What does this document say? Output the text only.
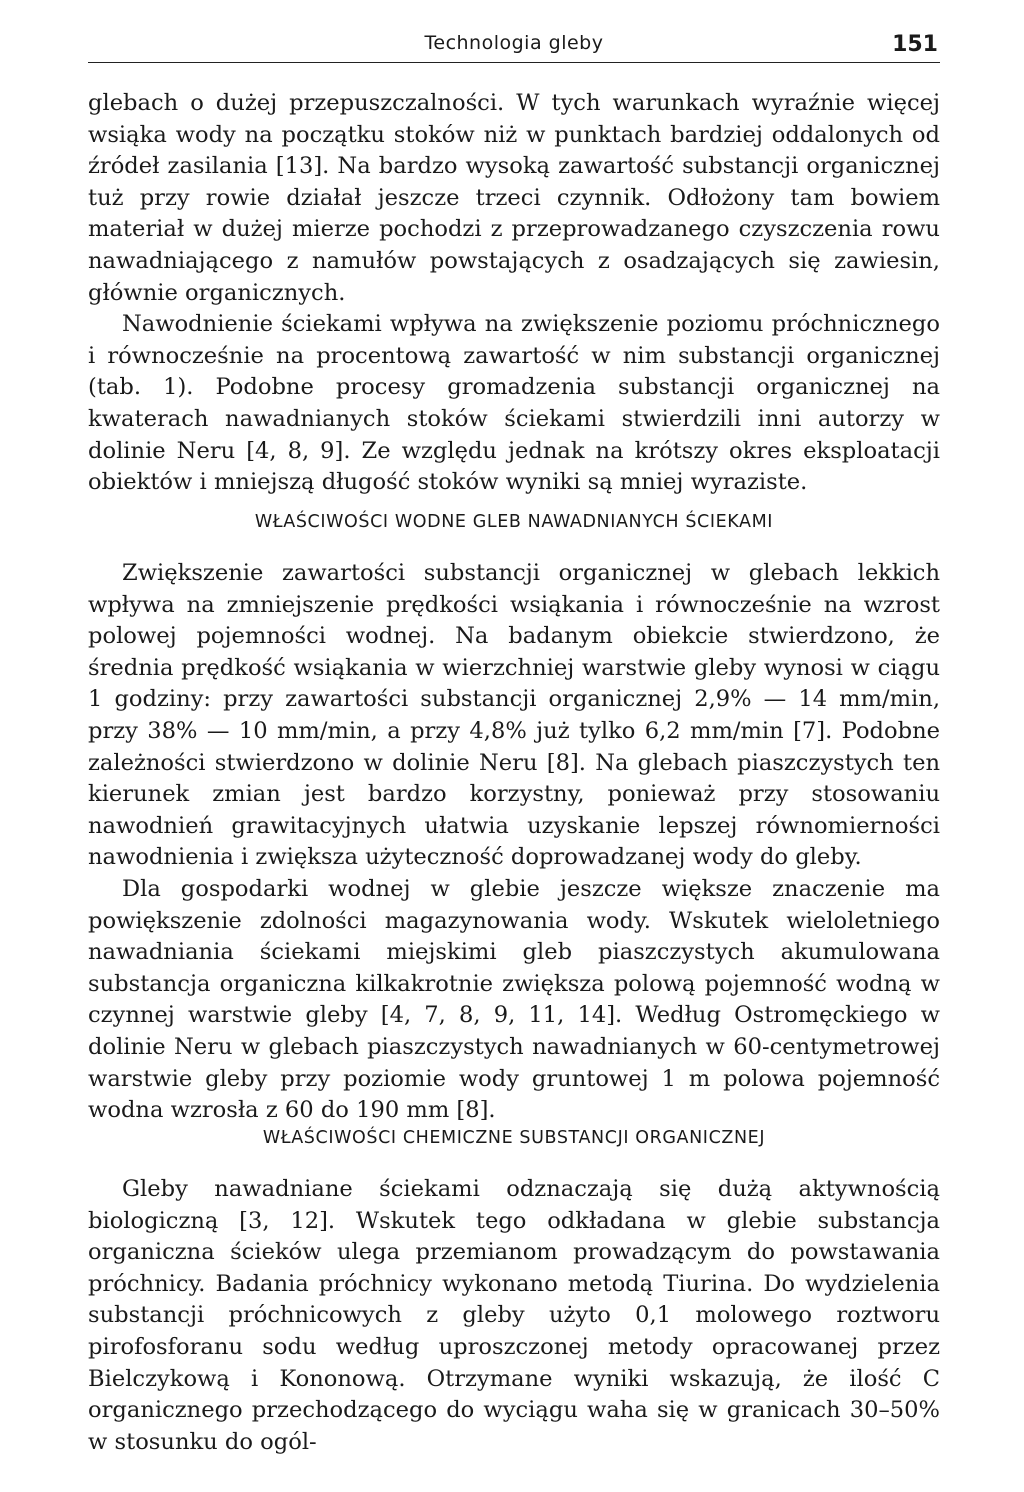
Technologia gleby	151

glebach o dużej przepuszczalności. W tych warunkach wyraźnie więcej wsiąka wody na początku stoków niż w punktach bardziej oddalonych od źródeł zasilania [13]. Na bardzo wysoką zawartość substancji organicznej tuż przy rowie działał jeszcze trzeci czynnik. Odłożony tam bowiem materiał w dużej mierze pochodzi z przeprowadzanego czyszczenia rowu nawadniającego z namułów powstających z osadzających się zawiesin, głównie organicznych.

Nawodnienie ściekami wpływa na zwiększenie poziomu próchnicznego i równocześnie na procentową zawartość w nim substancji organicznej (tab. 1). Podobne procesy gromadzenia substancji organicznej na kwaterach nawadnianych stoków ściekami stwierdzili inni autorzy w dolinie Neru [4, 8, 9]. Ze względu jednak na krótszy okres eksploatacji obiektów i mniejszą długość stoków wyniki są mniej wyraziste.

WŁAŚCIWOŚCI WODNE GLEB NAWADNIANYCH ŚCIEKAMI

Zwiększenie zawartości substancji organicznej w glebach lekkich wpływa na zmniejszenie prędkości wsiąkania i równocześnie na wzrost polowej pojemności wodnej. Na badanym obiekcie stwierdzono, że średnia prędkość wsiąkania w wierzchniej warstwie gleby wynosi w ciągu 1 godziny: przy zawartości substancji organicznej 2,9% — 14 mm/min, przy 38% — 10 mm/min, a przy 4,8% już tylko 6,2 mm/min [7]. Podobne zależności stwierdzono w dolinie Neru [8]. Na glebach piaszczystych ten kierunek zmian jest bardzo korzystny, ponieważ przy stosowaniu nawodnień grawitacyjnych ułatwia uzyskanie lepszej równomierności nawodnienia i zwiększa użyteczność doprowadzanej wody do gleby.

Dla gospodarki wodnej w glebie jeszcze większe znaczenie ma powiększenie zdolności magazynowania wody. Wskutek wieloletniego nawadniania ściekami miejskimi gleb piaszczystych akumulowana substancja organiczna kilkakrotnie zwiększa polową pojemność wodną w czynnej warstwie gleby [4, 7, 8, 9, 11, 14]. Według Ostromęckiego w dolinie Neru w glebach piaszczystych nawadnianych w 60-centymetrowej warstwie gleby przy poziomie wody gruntowej 1 m polowa pojemność wodna wzrosła z 60 do 190 mm [8].

WŁAŚCIWOŚCI CHEMICZNE SUBSTANCJI ORGANICZNEJ

Gleby nawadniane ściekami odznaczają się dużą aktywnością biologiczną [3, 12]. Wskutek tego odkładana w glebie substancja organiczna ścieków ulega przemianom prowadzącym do powstawania próchnicy. Badania próchnicy wykonano metodą Tiurina. Do wydzielenia substancji próchnicowych z gleby użyto 0,1 molowego roztworu pirofosforanu sodu według uproszczonej metody opracowanej przez Bielczykową i Kononową. Otrzymane wyniki wskazują, że ilość C organicznego przechodzącego do wyciągu waha się w granicach 30–50% w stosunku do ogól-
